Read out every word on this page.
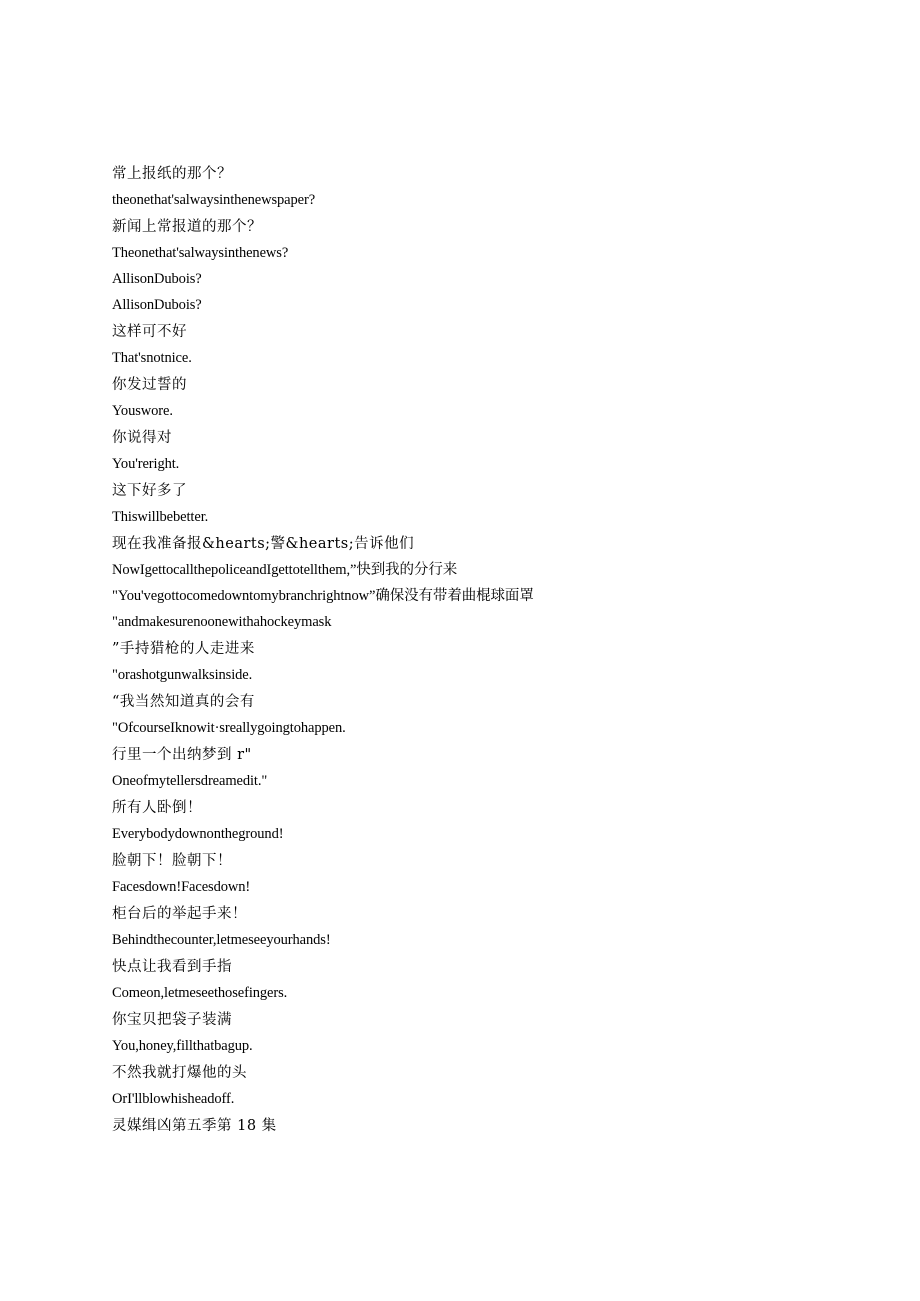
常上报纸的那个？
theonethat'salwaysinthenewspaper?
新闻上常报道的那个？
Theonethat'salwaysinthenews?
AllisonDubois?
AllisonDubois?
这样可不好
That'snotnice.
你发过誓的
Youswore.
你说得对
You'reright.
这下好多了
Thiswillbebetter.
现在我准备报&hearts;警&hearts;告诉他们
NowIgettocallthepoliceandIgettotellthem,”快到我的分行来
"You'vegottocomedowntomybranchrightnow”确保没有带着曲棍球面罩
"andmakesurenoonewithahockeymask
”手持猎枪的人走进来
"orashotgunwalksinside.
“我当然知道真的会有
"OfcourseIknowit·sreallygoingtohappen.
行里一个出纳梦到 r"
Oneofmytellersdreamedit."
所有人卧倒！
Everybodydownontheground!
脸朝下！脸朝下！
Facesdown!Facesdown!
柜台后的举起手来！
Behindthecounter,letmeseeyourhands!
快点让我看到手指
Comeon,letmeseethosefingers.
你宝贝把袋子装满
You,honey,fillthatbagup.
不然我就打爆他的头
OrI'llblowhisheadoff.
灵媒缉凶第五季第 18 集
